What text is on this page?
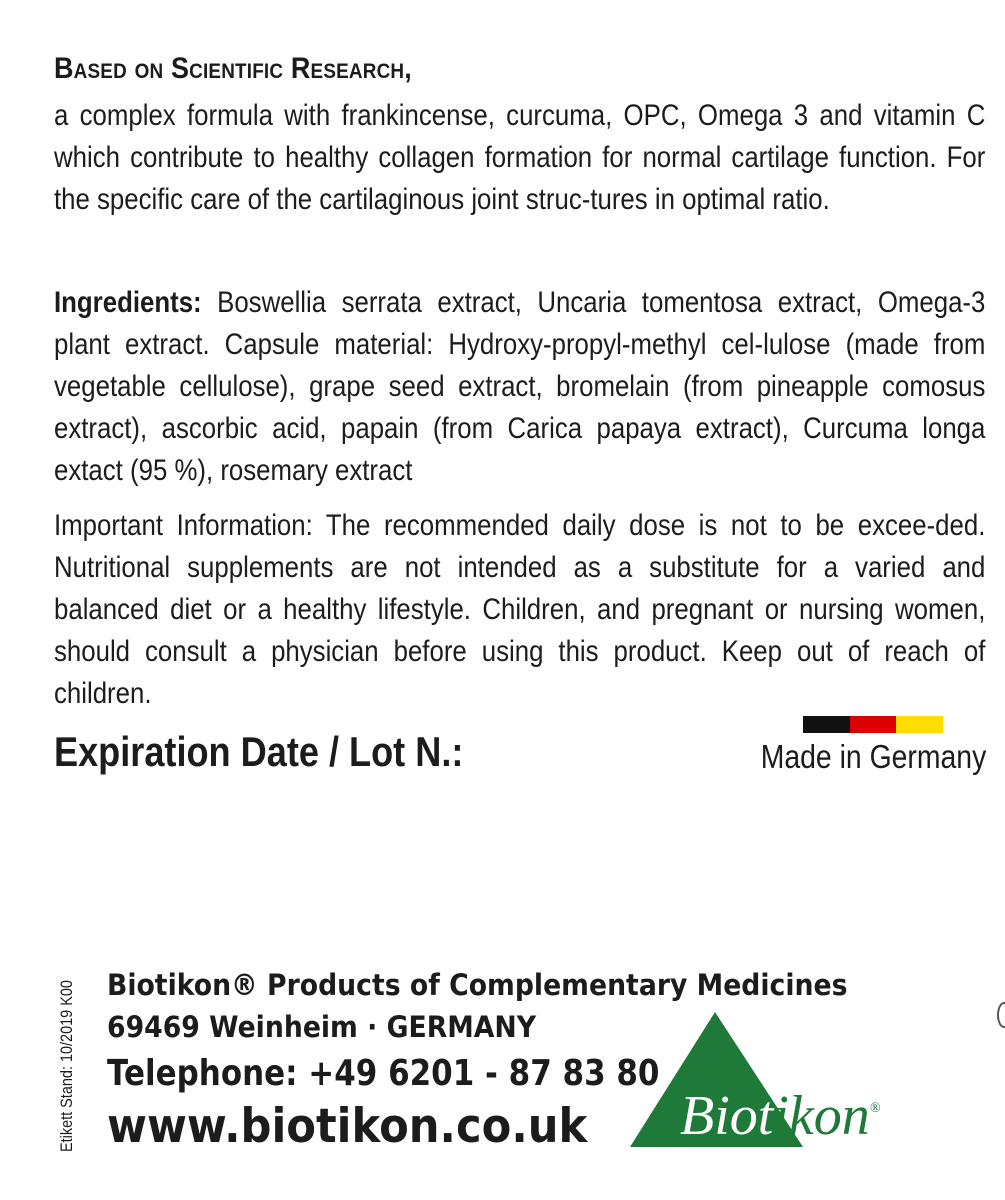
Based on Scientific Research,
a complex formula with frankincense, curcuma, OPC, Omega 3 and vitamin C which contribute to healthy collagen formation for normal cartilage function. For the specific care of the cartilaginous joint struc-tures in optimal ratio.
Ingredients: Boswellia serrata extract, Uncaria tomentosa extract, Omega-3 plant extract. Capsule material: Hydroxy-propyl-methyl cel-lulose (made from vegetable cellulose), grape seed extract, bromelain (from pineapple comosus extract), ascorbic acid, papain (from Carica papaya extract), Curcuma longa extact (95 %), rosemary extract
Important Information: The recommended daily dose is not to be excee-ded. Nutritional supplements are not intended as a substitute for a varied and balanced diet or a healthy lifestyle. Children, and pregnant or nursing women, should consult a physician before using this product. Keep out of reach of children.
Expiration Date / Lot N.:	Made in Germany
Etikett Stand: 10/2019 K00 Biotikon® Products of Complementary Medicines
69469 Weinheim · GERMANY
Telephone: +49 6201 - 87 83 80
www.biotikon.co.uk Biotikon®
